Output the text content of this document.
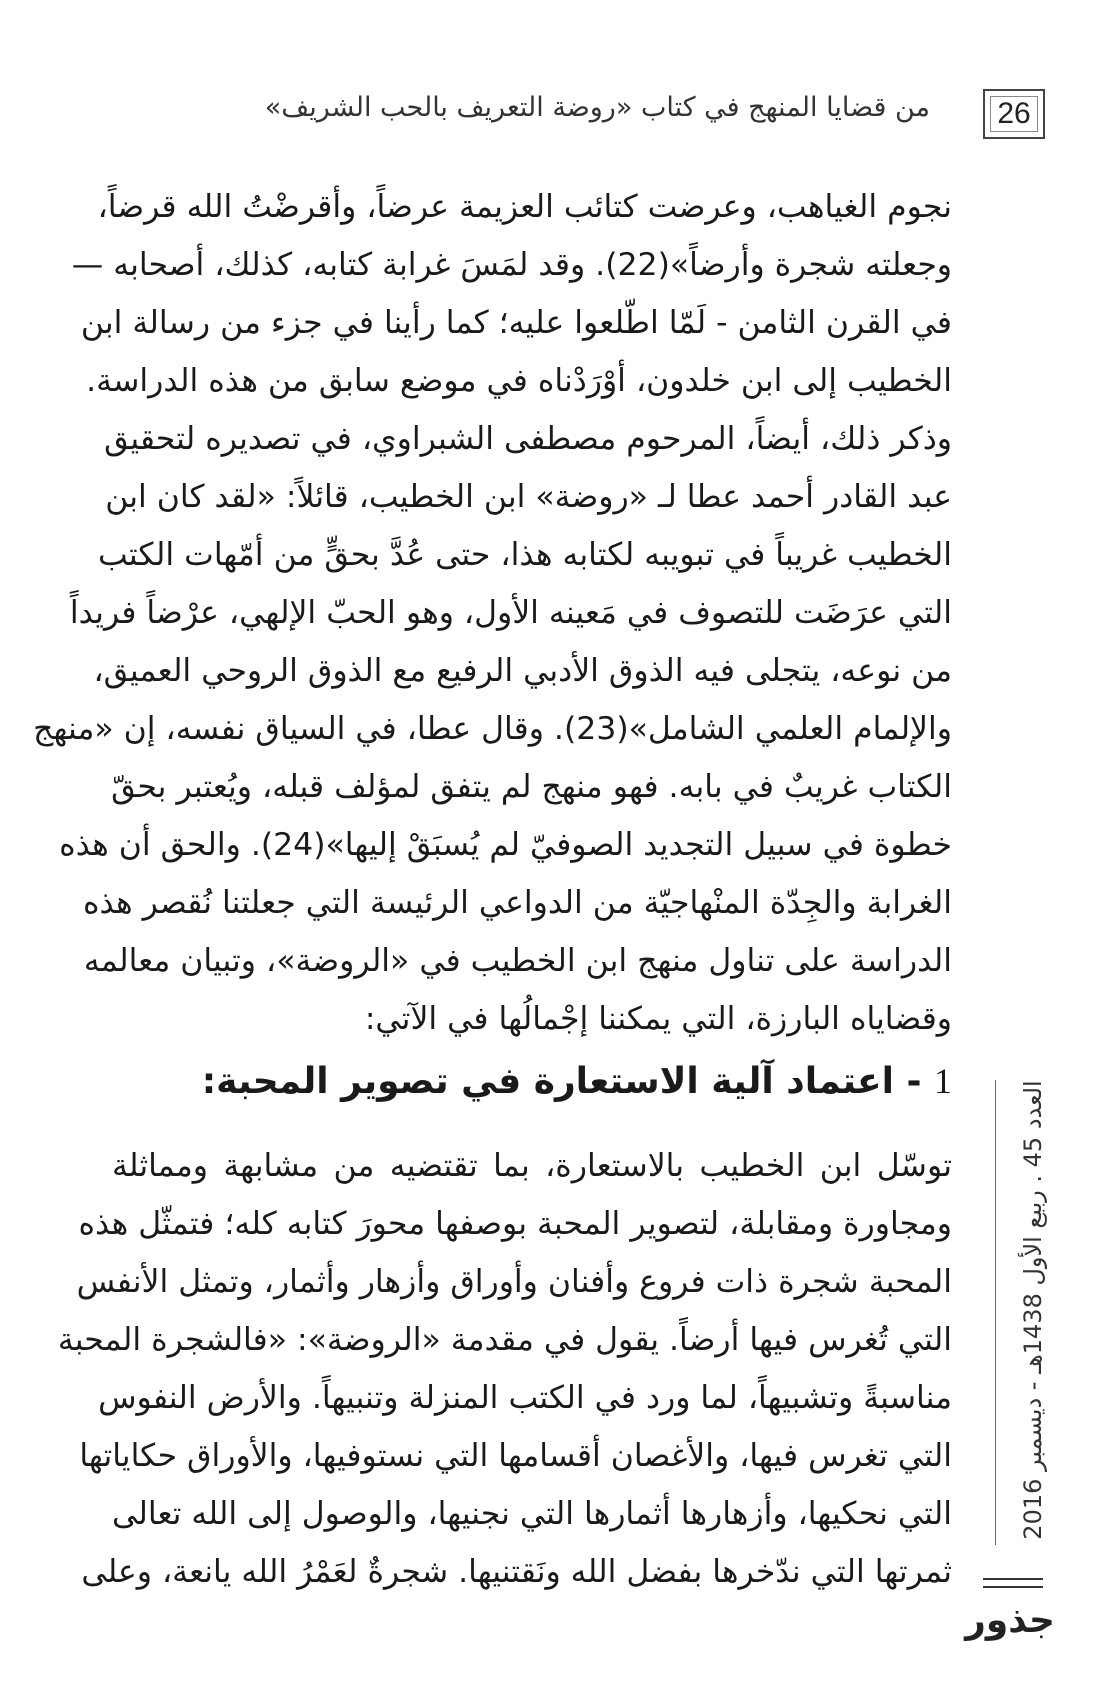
26
من قضايا المنهج في كتاب «روضة التعريف بالحب الشريف»
نجوم الغياهب، وعرضت كتائب العزيمة عرضاً، وأقرضْتُ الله قرضاً،
وجعلته شجرة وأرضاً»(22). وقد لمَسَ غرابة كتابه، كذلك، أصحابه —
في القرن الثامن - لَمّا اطّلعوا عليه؛ كما رأينا في جزء من رسالة ابن
الخطيب إلى ابن خلدون، أوْرَدْناه في موضع سابق من هذه الدراسة.
وذكر ذلك، أيضاً، المرحوم مصطفى الشبراوي، في تصديره لتحقيق
عبد القادر أحمد عطا لـ «روضة» ابن الخطيب، قائلاً: «لقد كان ابن
الخطيب غريباً في تبويبه لكتابه هذا، حتى عُدَّ بحقٍّ من أمّهات الكتب
التي عرَضَت للتصوف في مَعينه الأول، وهو الحبّ الإلهي، عرْضاً فريداً
من نوعه، يتجلى فيه الذوق الأدبي الرفيع مع الذوق الروحي العميق،
والإلمام العلمي الشامل»(23). وقال عطا، في السياق نفسه، إن «منهج
الكتاب غريبٌ في بابه. فهو منهج لم يتفق لمؤلف قبله، ويُعتبر بحقّ
خطوة في سبيل التجديد الصوفيّ لم يُسبَقْ إليها»(24). والحق أن هذه
الغرابة والجِدّة المنْهاجيّة من الدواعي الرئيسة التي جعلتنا نُقصر هذه
الدراسة على تناول منهج ابن الخطيب في «الروضة»، وتبيان معالمه
وقضاياه البارزة، التي يمكننا إجْمالُها في الآتي:
1 - اعتماد آلية الاستعارة في تصوير المحبة:
توسّل ابن الخطيب بالاستعارة، بما تقتضيه من مشابهة ومماثلة
ومجاورة ومقابلة، لتصوير المحبة بوصفها محورَ كتابه كله؛ فتمثّل هذه
المحبة شجرة ذات فروع وأفنان وأوراق وأزهار وأثمار، وتمثل الأنفس
التي تُغرس فيها أرضاً. يقول في مقدمة «الروضة»: «فالشجرة المحبة
مناسبةً وتشبيهاً، لما ورد في الكتب المنزلة وتنبيهاً. والأرض النفوس
التي تغرس فيها، والأغصان أقسامها التي نستوفيها، والأوراق حكاياتها
التي نحكيها، وأزهارها أثمارها التي نجنيها، والوصول إلى الله تعالى
ثمرتها التي ندّخرها بفضل الله ونَقتنيها. شجرةٌ لعَمْرُ الله يانعة، وعلى
العدد 45 . ربيع الأول 1438هـ - ديسمبر 2016
جذور
